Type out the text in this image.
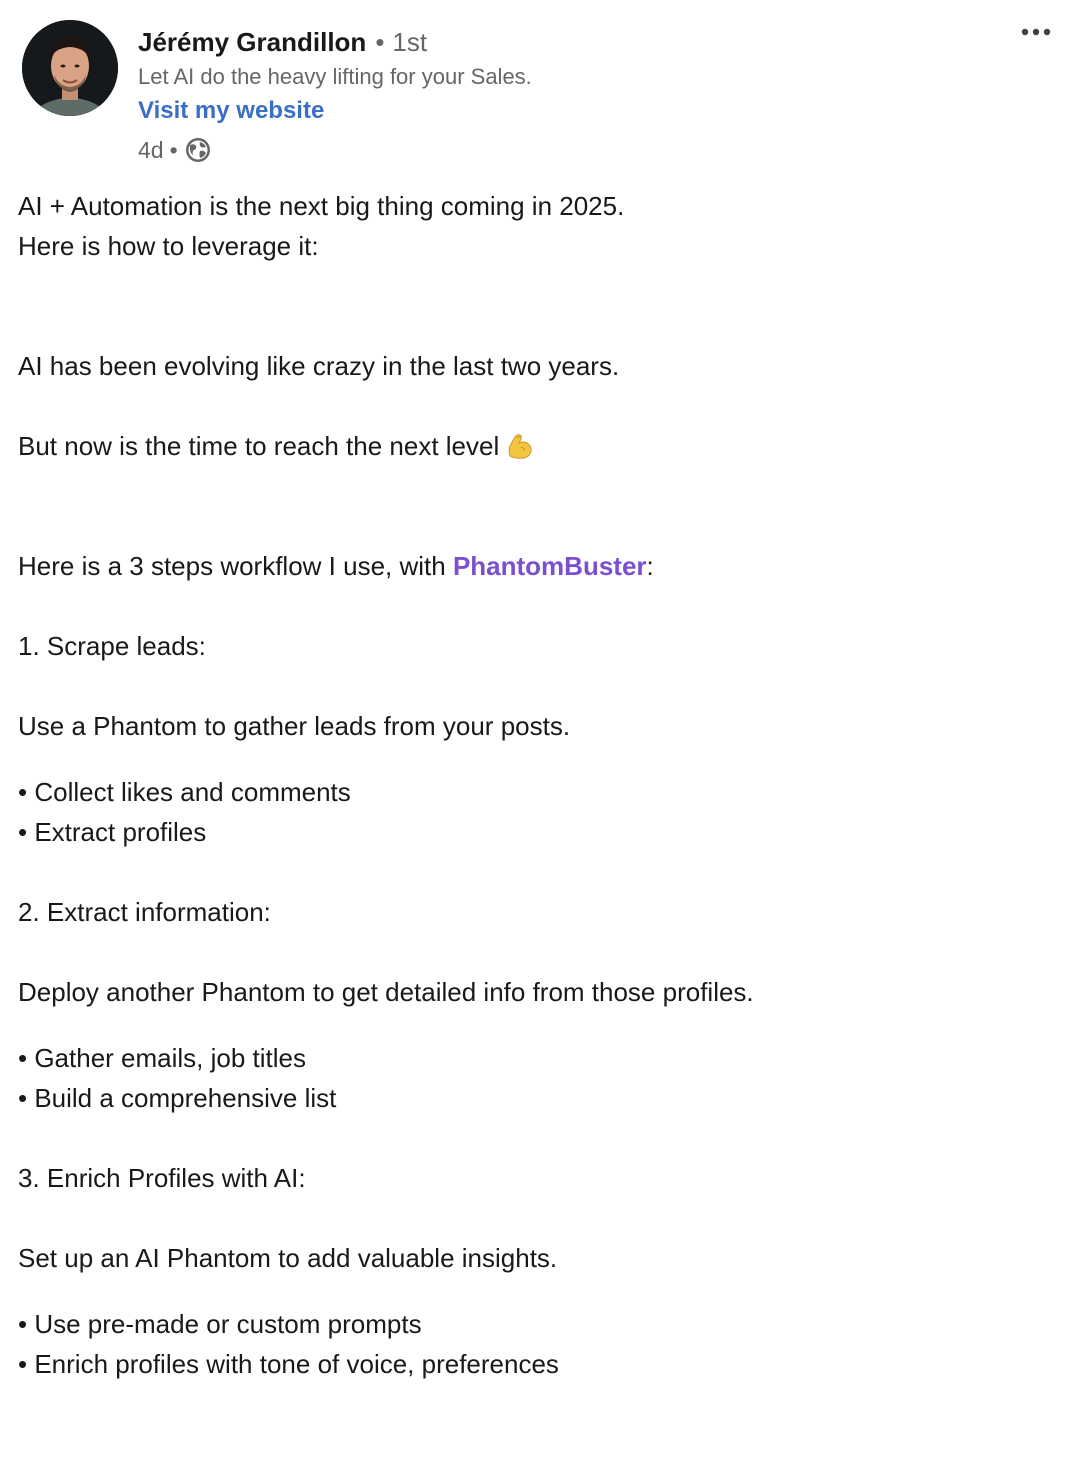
Jérémy Grandillon • 1st
Let AI do the heavy lifting for your Sales.
Visit my website
4d •
AI + Automation is the next big thing coming in 2025.
Here is how to leverage it:
AI has been evolving like crazy in the last two years.
But now is the time to reach the next level
Here is a 3 steps workflow I use, with PhantomBuster:
1. Scrape leads:
Use a Phantom to gather leads from your posts.
• Collect likes and comments
• Extract profiles
2. Extract information:
Deploy another Phantom to get detailed info from those profiles.
• Gather emails, job titles
• Build a comprehensive list
3. Enrich Profiles with AI:
Set up an AI Phantom to add valuable insights.
• Use pre-made or custom prompts
• Enrich profiles with tone of voice, preferences
